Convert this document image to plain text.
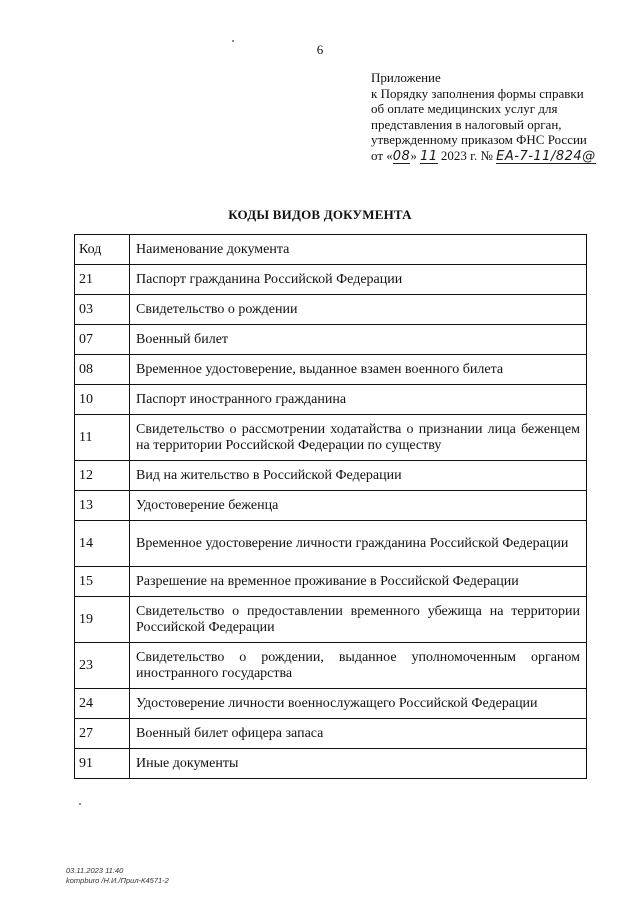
6
Приложение
к Порядку заполнения формы справки
об оплате медицинских услуг для
представления в налоговый орган,
утвержденному приказом ФНС России
от «08» 11 2023 г. № ЕА-7-11/824@
КОДЫ ВИДОВ ДОКУМЕНТА
Код	Наименование документа
21	Паспорт гражданина Российской Федерации
03	Свидетельство о рождении
07	Военный билет
08	Временное удостоверение, выданное взамен военного билета
10	Паспорт иностранного гражданина
11	Свидетельство о рассмотрении ходатайства о признании лица беженцем на территории Российской Федерации по существу
12	Вид на жительство в Российской Федерации
13	Удостоверение беженца
14	Временное удостоверение личности гражданина Российской Федерации
15	Разрешение на временное проживание в Российской Федерации
19	Свидетельство о предоставлении временного убежища на территории Российской Федерации
23	Свидетельство о рождении, выданное уполномоченным органом иностранного государства
24	Удостоверение личности военнослужащего Российской Федерации
27	Военный билет офицера запаса
91	Иные документы
03.11.2023 11:40
kompburo /Н.И./Прил-К4571-2
